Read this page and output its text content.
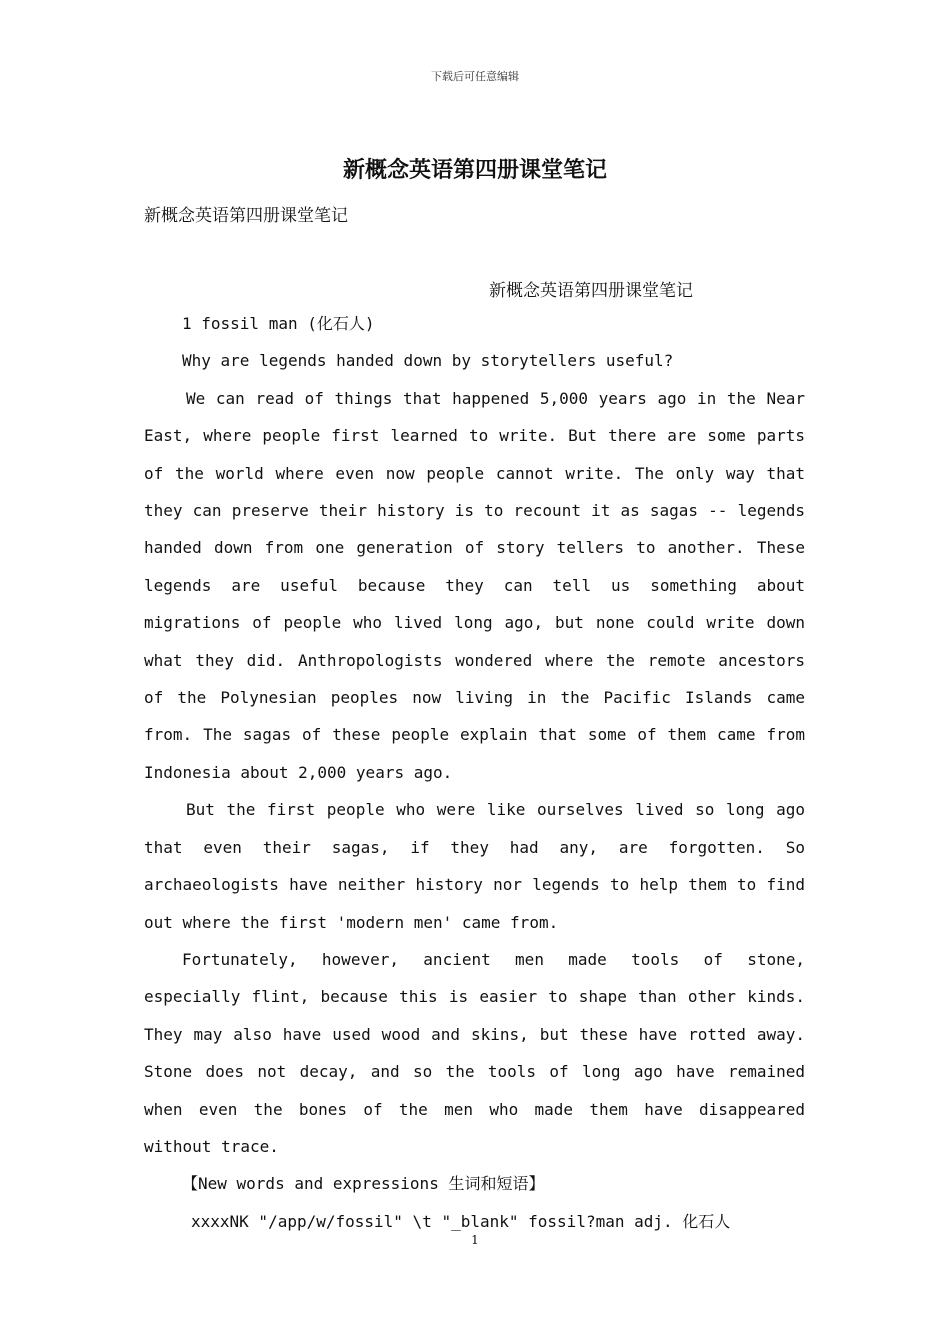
下载后可任意编辑
新概念英语第四册课堂笔记
新概念英语第四册课堂笔记
新概念英语第四册课堂笔记

1 fossil man (化石人)

Why are legends handed down by storytellers useful?

We can read of things that happened 5,000 years ago in the Near East, where people first learned to write. But there are some parts of the world where even now people cannot write. The only way that they can preserve their history is to recount it as sagas -- legends handed down from one generation of story tellers to another. These legends are useful because they can tell us something about migrations of people who lived long ago, but none could write down what they did. Anthropologists wondered where the remote ancestors of the Polynesian peoples now living in the Pacific Islands came from. The sagas of these people explain that some of them came from Indonesia about 2,000 years ago.

But the first people who were like ourselves lived so long ago that even their sagas, if they had any, are forgotten. So archaeologists have neither history nor legends to help them to find out where the first 'modern men' came from.

Fortunately, however, ancient men made tools of stone, especially flint, because this is easier to shape than other kinds. They may also have used wood and skins, but these have rotted away. Stone does not decay, and so the tools of long ago have remained when even the bones of the men who made them have disappeared without trace.

【New words and expressions 生词和短语】

xxxxNK "/app/w/fossil" \t "_blank" fossil?man adj. 化石人

1
